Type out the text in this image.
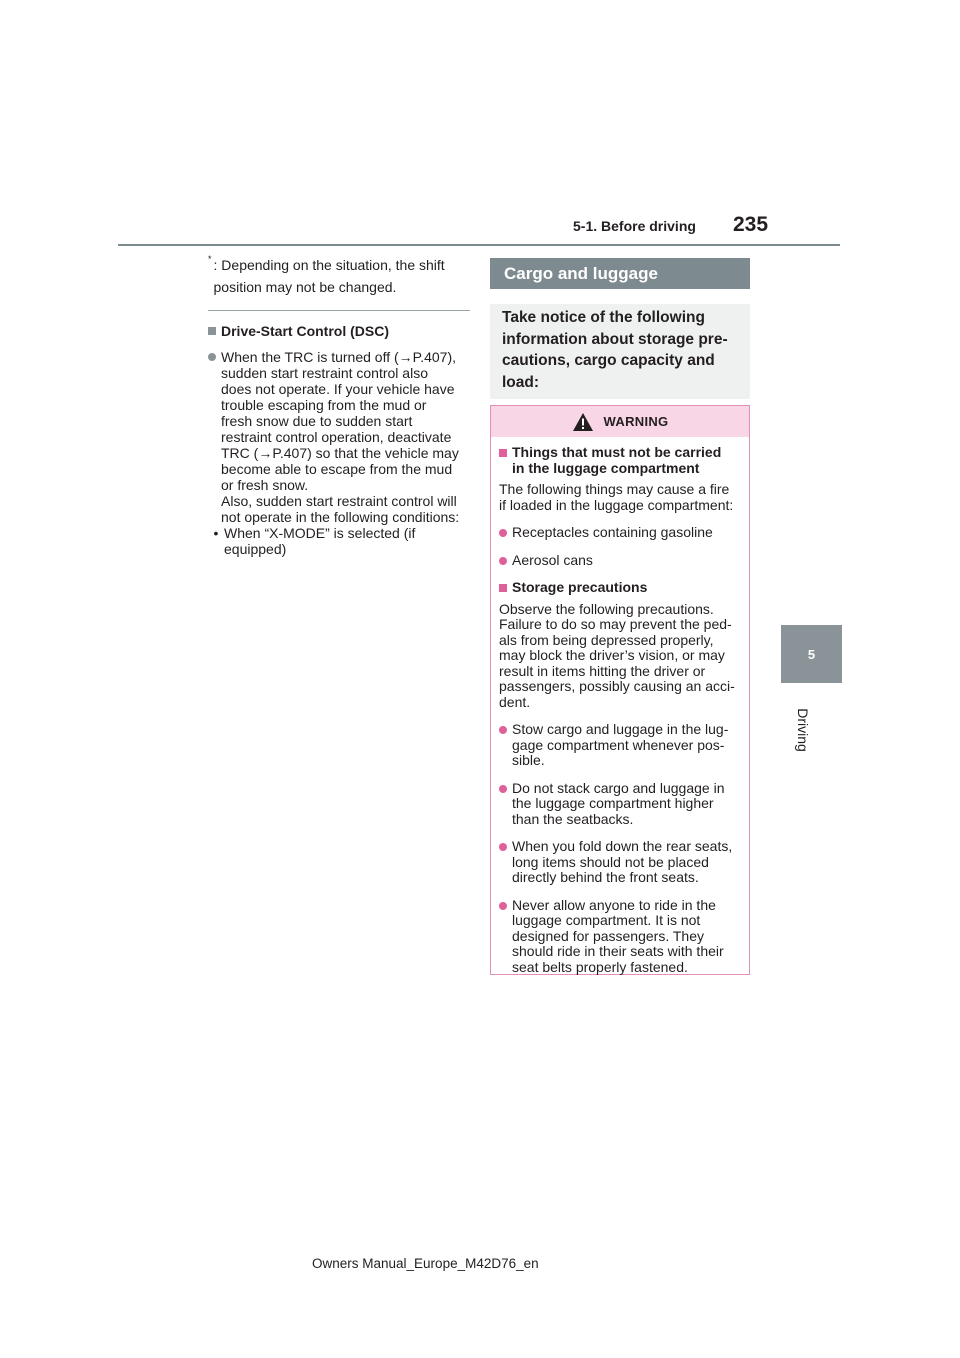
5-1. Before driving 235
5
Driving
* : Depending on the situation, the shift position may not be changed.
Drive-Start Control (DSC)
When the TRC is turned off (→P.407),
sudden start restraint control also
does not operate. If your vehicle have
trouble escaping from the mud or
fresh snow due to sudden start
restraint control operation, deactivate
TRC (→P.407) so that the vehicle may
become able to escape from the mud
or fresh snow.
Also, sudden start restraint control will
not operate in the following conditions:
• When “X-MODE” is selected (if
equipped)
Cargo and luggage
Take notice of the following
information about storage pre-
cautions, cargo capacity and
load:
WARNING
Things that must not be carried
in the luggage compartment
The following things may cause a fire
if loaded in the luggage compartment:
Receptacles containing gasoline
Aerosol cans
Storage precautions
Observe the following precautions.
Failure to do so may prevent the ped-
als from being depressed properly,
may block the driver’s vision, or may
result in items hitting the driver or
passengers, possibly causing an acci-
dent.
Stow cargo and luggage in the lug-
gage compartment whenever pos-
sible.
Do not stack cargo and luggage in
the luggage compartment higher
than the seatbacks.
When you fold down the rear seats,
long items should not be placed
directly behind the front seats.
Never allow anyone to ride in the
luggage compartment. It is not
designed for passengers. They
should ride in their seats with their
seat belts properly fastened.
Owners Manual_Europe_M42D76_en
